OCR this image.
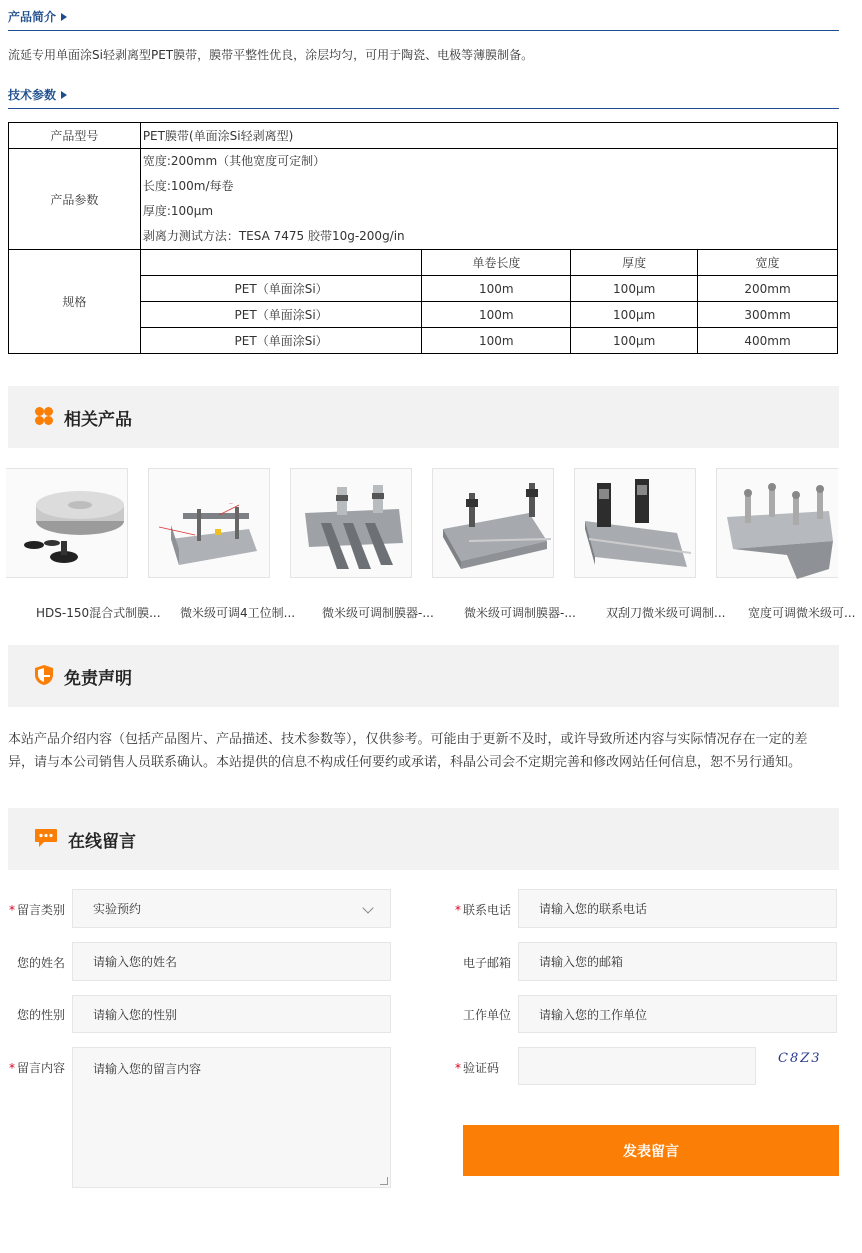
产品简介
流延专用单面涂Si轻剥离型PET膜带，膜带平整性优良，涂层均匀，可用于陶瓷、电极等薄膜制备。
技术参数
产品型号	PET膜带(单面涂Si轻剥离型)			
产品参数	宽度:200mm（其他宽度可定制）
长度:100m/每卷
厚度:100μm
剥离力测试方法：TESA 7475 胶带10g-200g/in			

规格		单卷长度	厚度	宽度
	PET（单面涂Si）	100m	100μm	200mm
	PET（单面涂Si）	100m	100μm	300mm
	PET（单面涂Si）	100m	100μm	400mm
相关产品
HDS-150混合式制膜...
—
微米级可调4工位制...	微米级可调制膜器-...	微米级可调制膜器-...	双刮刀微米级可调制... 宽度可调微米级可...
免责声明
本站产品介绍内容（包括产品图片、产品描述、技术参数等），仅供参考。可能由于更新不及时，或许导致所述内容与实际情况存在一定的差异，请与本公司销售人员联系确认。本站提供的信息不构成任何要约或承诺，科晶公司会不定期完善和修改网站任何信息，恕不另行通知。
在线留言
* 留言类别 实验预约
您的姓名 请输入您的姓名
您的性别 请输入您的性别
* 留言内容 请输入您的留言内容
* 联系电话 请输入您的联系电话
电子邮箱 请输入您的邮箱
工作单位 请输入您的工作单位
* 验证码
C8Z3
发表留言
